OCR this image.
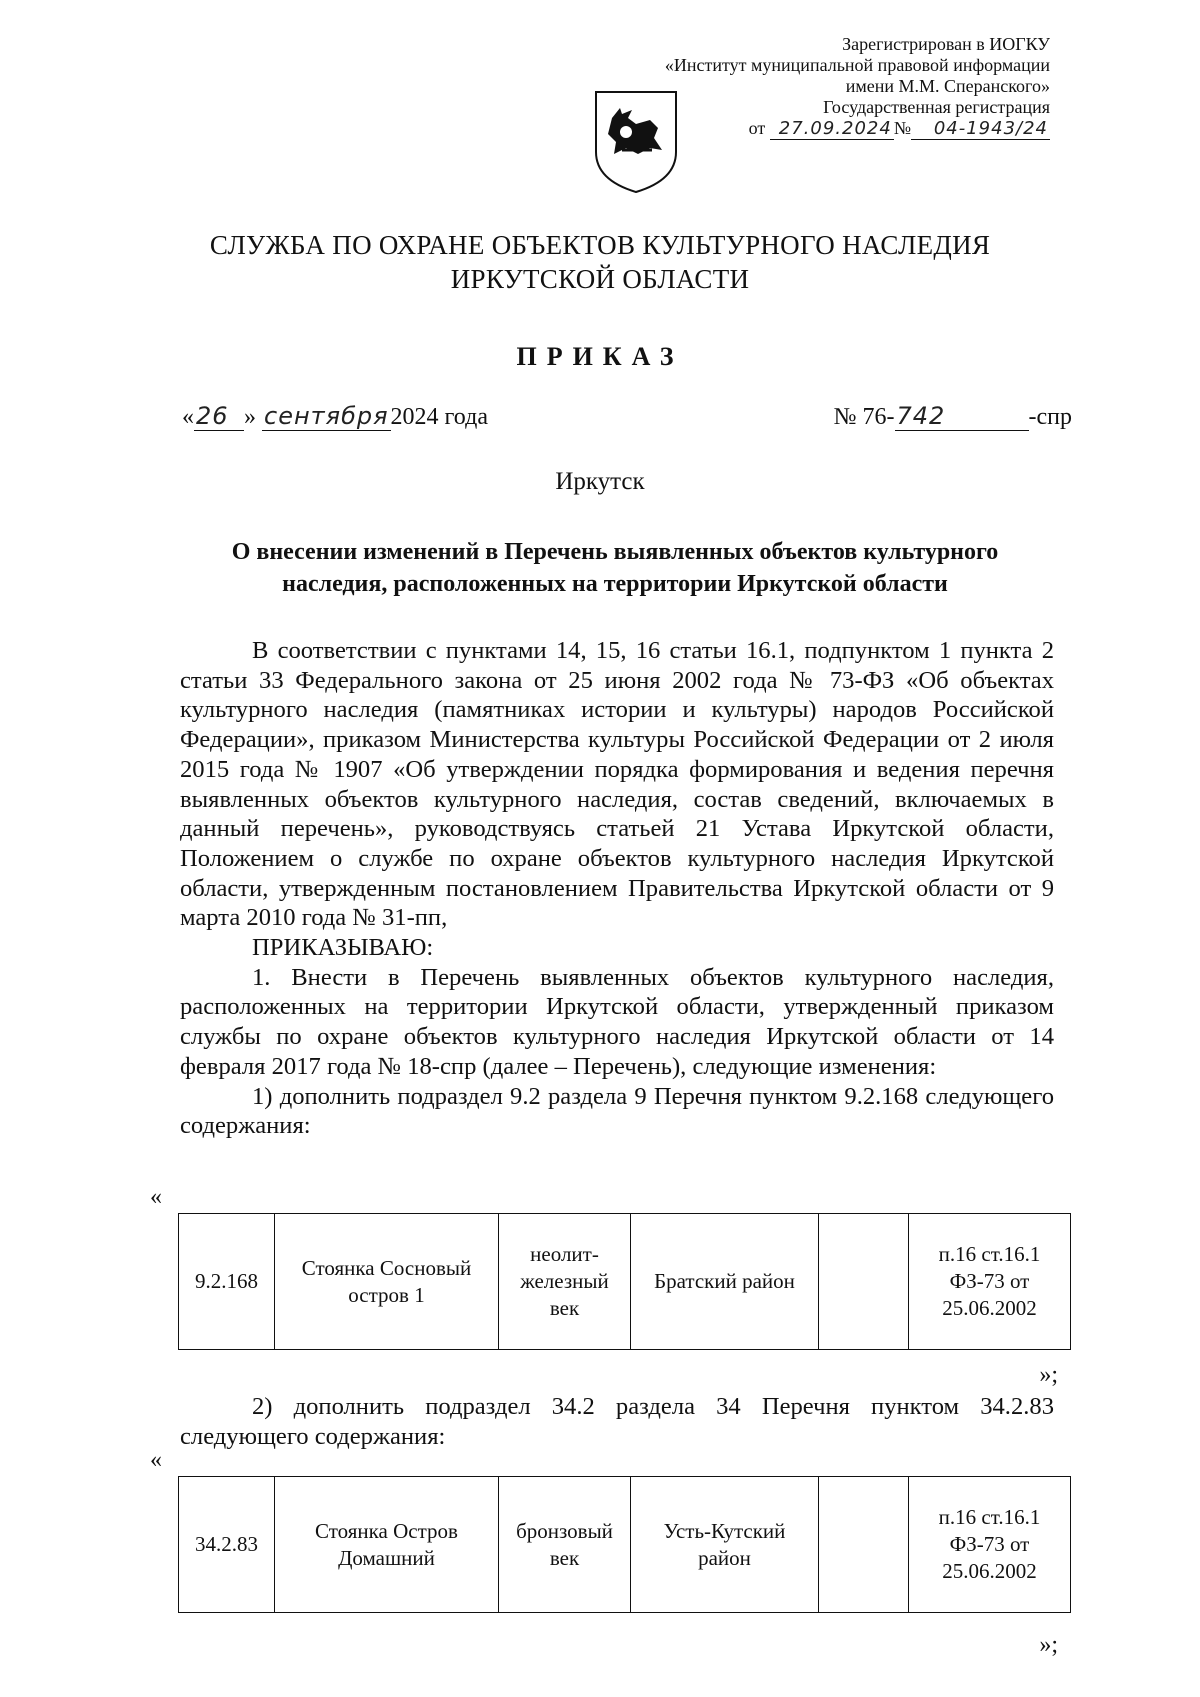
Зарегистрирован в ИОГКУ
«Институт муниципальной правовой информации
имени М.М. Сперанского»
Государственная регистрация
от 27.09.2024 № 04-1943/24
СЛУЖБА ПО ОХРАНЕ ОБЪЕКТОВ КУЛЬТУРНОГО НАСЛЕДИЯ
ИРКУТСКОЙ ОБЛАСТИ
ПРИКАЗ
«26 » сентября2024 года	№ 76-742	-спр
Иркутск
О внесении изменений в Перечень выявленных объектов культурного
наследия, расположенных на территории Иркутской области

В соответствии с пунктами 14, 15, 16 статьи 16.1, подпунктом 1 пункта 2 статьи 33 Федерального закона от 25 июня 2002 года № 73-ФЗ «Об объектах культурного наследия (памятниках истории и культуры) народов Российской Федерации», приказом Министерства культуры Российской Федерации от 2 июля 2015 года № 1907 «Об утверждении порядка формирования и ведения перечня выявленных объектов культурного наследия, состав сведений, включаемых в данный перечень», руководствуясь статьей 21 Устава Иркутской области, Положением о службе по охране объектов культурного наследия Иркутской области, утвержденным постановлением Правительства Иркутской области от 9 марта 2010 года № 31-пп,

ПРИКАЗЫВАЮ:

1. Внести в Перечень выявленных объектов культурного наследия, расположенных на территории Иркутской области, утвержденный приказом службы по охране объектов культурного наследия Иркутской области от 14 февраля 2017 года № 18-спр (далее – Перечень), следующие изменения:

1) дополнить подраздел 9.2 раздела 9 Перечня пунктом 9.2.168 следующего содержания:

«
9.2.168	Стоянка Сосновый остров 1	неолит-железный век	Братский район		п.16 ст.16.1 ФЗ-73 от 25.06.2002
»;

2) дополнить подраздел 34.2 раздела 34 Перечня пунктом 34.2.83 следующего содержания:

«
34.2.83	Стоянка Остров Домашний	бронзовый век	Усть-Кутский район		п.16 ст.16.1 ФЗ-73 от 25.06.2002
»;
